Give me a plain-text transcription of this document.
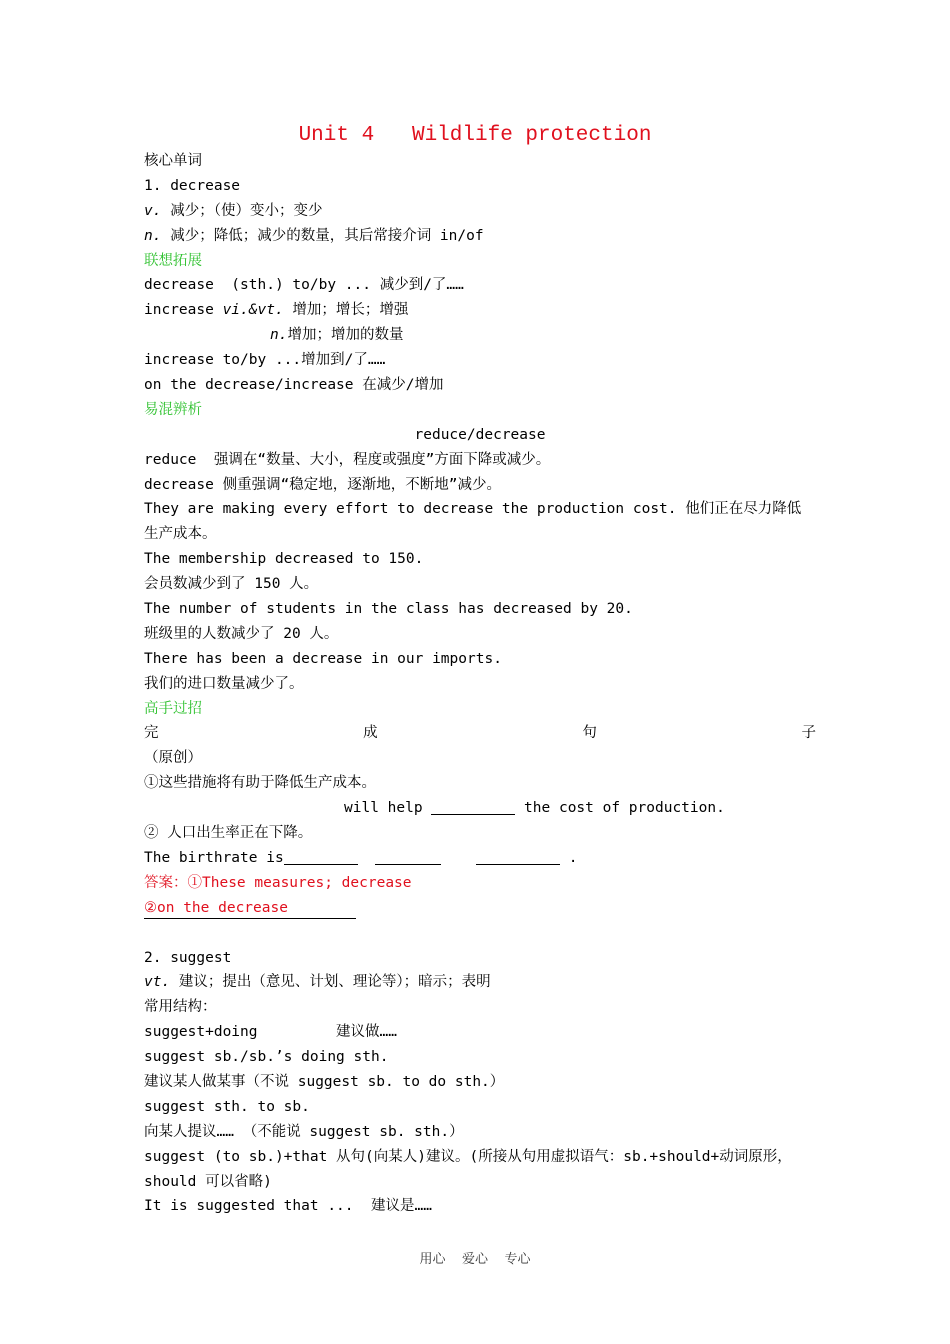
Unit 4   Wildlife protection
核心单词
1. decrease
v. 减少；（使）变小；变少
n. 减少；降低；减少的数量，其后常接介词 in/of
联想拓展
decrease  (sth.) to/by ... 减少到/了……
increase vi.&vt. 增加；增长；增强
n.增加；增加的数量
increase to/by ...增加到/了……
on the decrease/increase 在减少/增加
易混辨析
reduce/decrease
reduce  强调在“数量、大小，程度或强度”方面下降或减少。
decrease 侧重强调“稳定地，逐渐地，不断地”减少。
They are making every effort to decrease the production cost. 他们正在尽力降低
生产成本。
The membership decreased to 150.
会员数减少到了 150 人。
The number of students in the class has decreased by 20.
班级里的人数减少了 20 人。
There has been a decrease in our imports.
我们的进口数量减少了。
高手过招
完	成	句	子
（原创）
①这些措施将有助于降低生产成本。
will help	the cost of production.
② 人口出生率正在下降。
The birthrate is	.
答案：①These measures; decrease
②on the decrease
2. suggest
vt. 建议；提出（意见、计划、理论等）；暗示；表明
常用结构：
suggest+doing         建议做……
suggest sb./sb.’s doing sth.
建议某人做某事（不说 suggest sb. to do sth.）
suggest sth. to sb.
向某人提议…… （不能说 suggest sb. sth.）
suggest (to sb.)+that 从句(向某人)建议。(所接从句用虚拟语气：sb.+should+动词原形，
should 可以省略)
It is suggested that ...  建议是……
用心    爱心    专心
